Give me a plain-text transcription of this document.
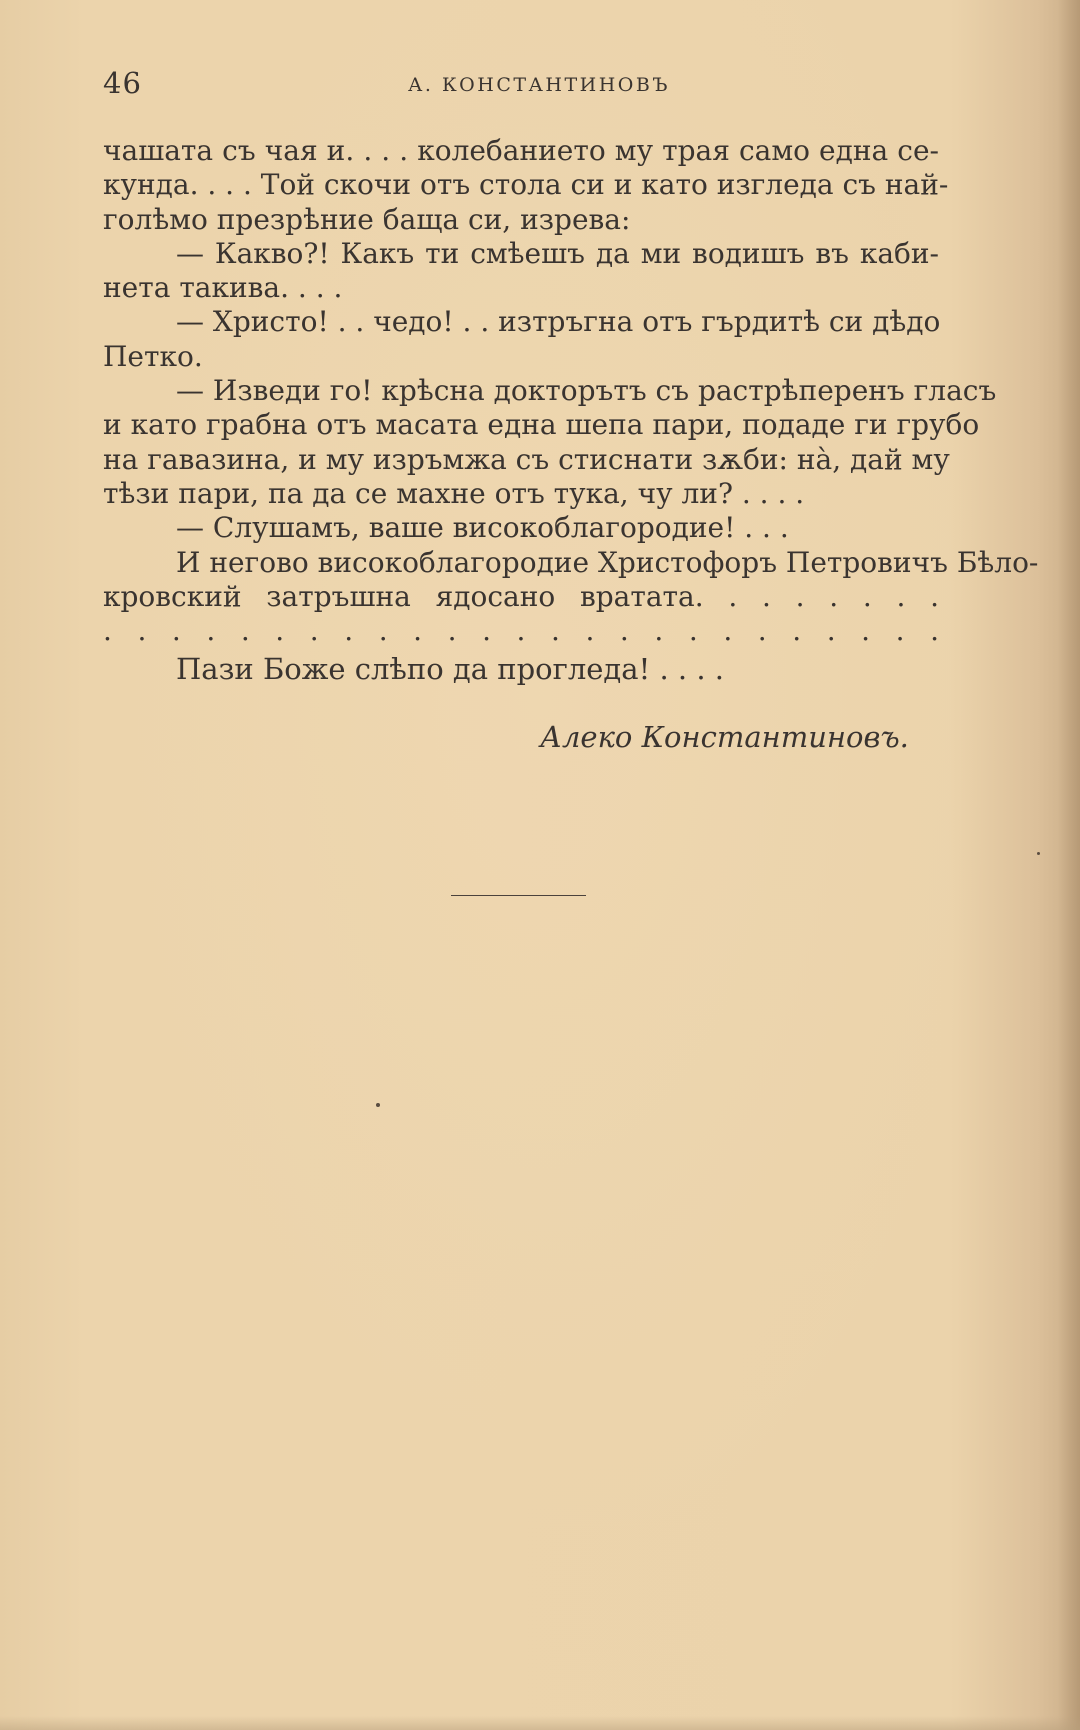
46	А. КОНСТАНТИНОВЪ

чашата съ чая и. . . . колебанието му трая само една се-

кунда. . . . Той скочи отъ стола си и като изгледа съ най-

голѣмо презрѣние баща си, изрева:

— Какво?! Какъ ти смѣешъ да ми водишъ въ каби-

нета такива. . . .

— Христо! . . чедо! . . изтръгна отъ гърдитѣ си дѣдо

Петко.

— Изведи го! крѣсна докторътъ съ растрѣперенъ гласъ

и като грабна отъ масата една шепа пари, подаде ги грубо

на гавазина, и му изръмжа съ стиснати зѫби: нà, дай му

тѣзи пари, па да се махне отъ тука, чу ли? . . . .

— Слушамъ, ваше високоблагородие! . . .

И негово високоблагородие Христофоръ Петровичъ Бѣло-

кровский затръшна ядосано вратата. . . . . . . .

. . . . . . . . . . . . . . . . . . . . . . . . .

Пази Боже слѣпо да прогледа! . . . .
Алеко Константиновъ.
